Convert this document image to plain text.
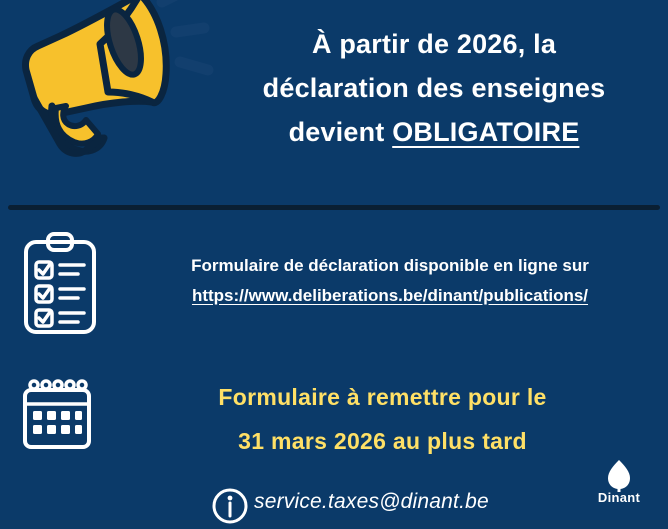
À partir de 2026, la
déclaration des enseignes
devient OBLIGATOIRE
Formulaire de déclaration disponible en ligne sur
https://www.deliberations.be/dinant/publications/
Formulaire à remettre pour le
31 mars 2026 au plus tard
service.taxes@dinant.be	Dinant
